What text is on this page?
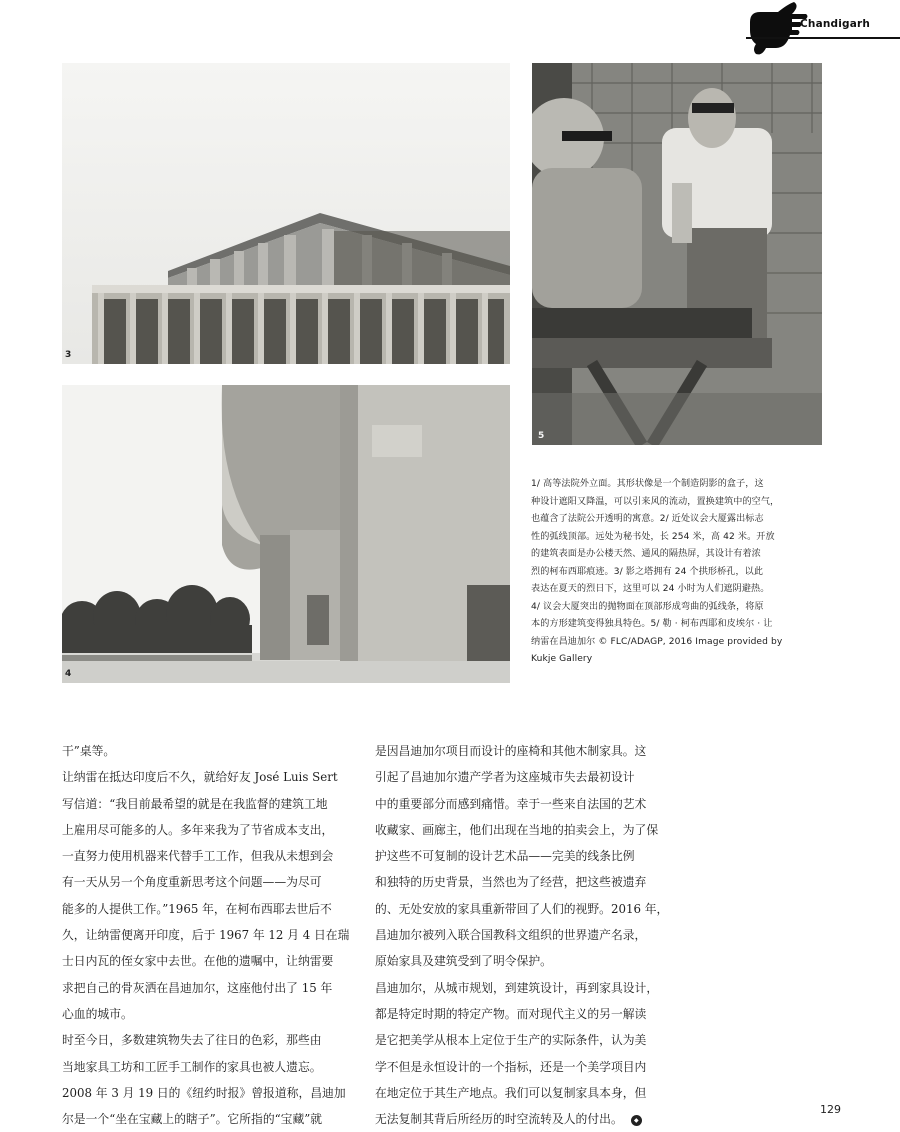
Chandigarh
3
4
5

1/ 高等法院外立面。其形状像是一个制造阴影的盒子，这

种设计遮阳又降温，可以引来风的流动，置换建筑中的空气，

也蕴含了法院公开透明的寓意。2/ 近处议会大厦露出标志

性的弧线顶部。远处为秘书处，长 254 米，高 42 米。开放

的建筑表面是办公楼天然、通风的隔热屏，其设计有着浓

烈的柯布西耶痕迹。3/ 影之塔拥有 24 个拱形桥孔，以此

表达在夏天的烈日下，这里可以 24 小时为人们遮阴避热。

4/ 议会大厦突出的抛物面在顶部形成弯曲的弧线条，将原

本的方形建筑变得独具特色。5/ 勒 · 柯布西耶和皮埃尔 · 让

纳雷在昌迪加尔 © FLC/ADAGP, 2016 Image provided by

Kukje Gallery

干”桌等。

让纳雷在抵达印度后不久，就给好友 José Luis Sert

写信道：“我目前最希望的就是在我监督的建筑工地

上雇用尽可能多的人。多年来我为了节省成本支出，

一直努力使用机器来代替手工工作，但我从未想到会

有一天从另一个角度重新思考这个问题——为尽可

能多的人提供工作。”1965 年，在柯布西耶去世后不

久，让纳雷便离开印度，后于 1967 年 12 月 4 日在瑞

士日内瓦的侄女家中去世。在他的遗嘱中，让纳雷要

求把自己的骨灰洒在昌迪加尔，这座他付出了 15 年

心血的城市。

时至今日，多数建筑物失去了往日的色彩，那些由

当地家具工坊和工匠手工制作的家具也被人遗忘。

2008 年 3 月 19 日的《纽约时报》曾报道称，昌迪加

尔是一个“坐在宝藏上的瞎子”。它所指的“宝藏”就

是因昌迪加尔项目而设计的座椅和其他木制家具。这

引起了昌迪加尔遗产学者为这座城市失去最初设计

中的重要部分而感到痛惜。幸于一些来自法国的艺术

收藏家、画廊主，他们出现在当地的拍卖会上，为了保

护这些不可复制的设计艺术品——完美的线条比例

和独特的历史背景，当然也为了经营，把这些被遗弃

的、无处安放的家具重新带回了人们的视野。2016 年，

昌迪加尔被列入联合国教科文组织的世界遗产名录，

原始家具及建筑受到了明令保护。

昌迪加尔，从城市规划，到建筑设计，再到家具设计，

都是特定时期的特定产物。而对现代主义的另一解读

是它把美学从根本上定位于生产的实际条件，认为美

学不但是永恒设计的一个指标，还是一个美学项目内

在地定位于其生产地点。我们可以复制家具本身，但

无法复制其背后所经历的时空流转及人的付出。 ◆

129
